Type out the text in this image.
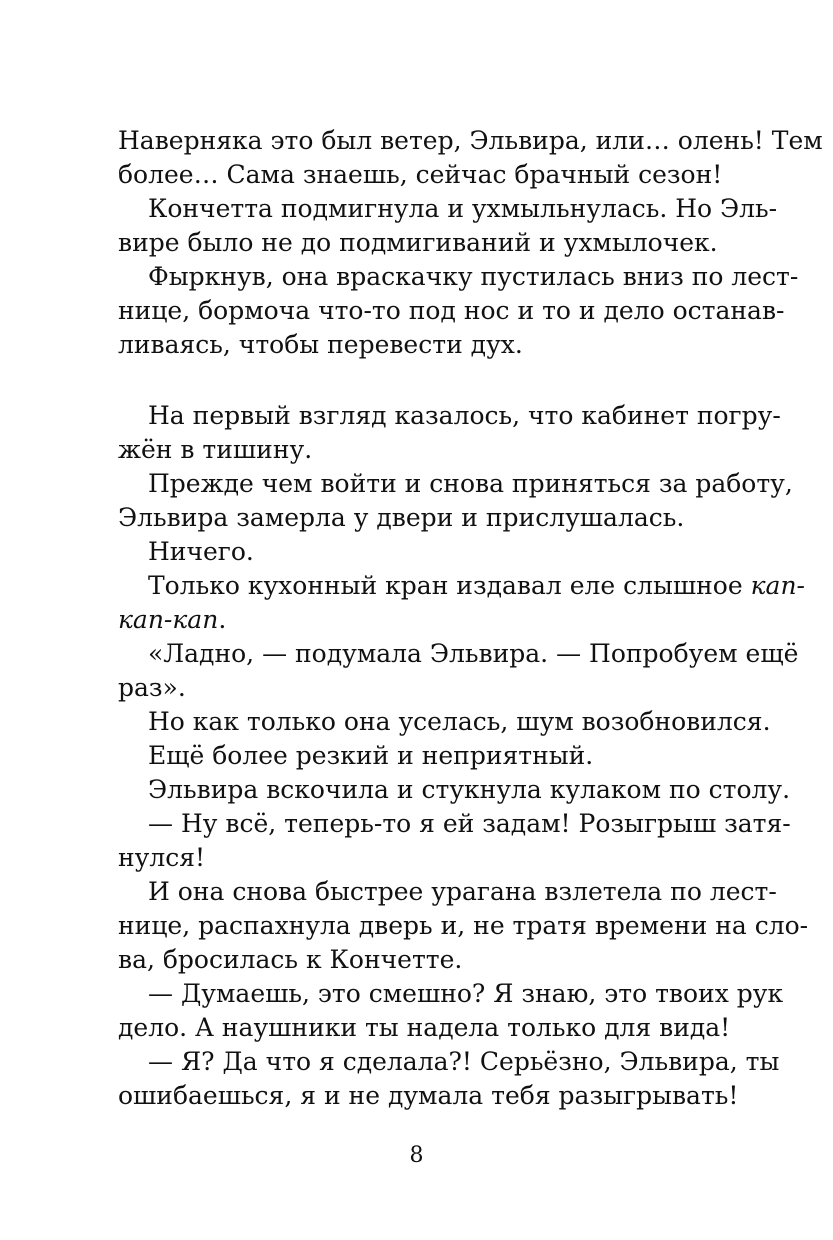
Наверняка это был ветер, Эльвира, или… олень! Тем
более… Сама знаешь, сейчас брачный сезон!
Кончетта подмигнула и ухмыльнулась. Но Эль-
вире было не до подмигиваний и ухмылочек.
Фыркнув, она враскачку пустилась вниз по лест-
нице, бормоча что-то под нос и то и дело останав-
ливаясь, чтобы перевести дух.
На первый взгляд казалось, что кабинет погру-
жён в тишину.
Прежде чем войти и снова приняться за работу,
Эльвира замерла у двери и прислушалась.
Ничего.
Только кухонный кран издавал еле слышное кап-
кап-кап.
«Ладно, — подумала Эльвира. — Попробуем ещё
раз».
Но как только она уселась, шум возобновился.
Ещё более резкий и неприятный.
Эльвира вскочила и стукнула кулаком по столу.
— Ну всё, теперь-то я ей задам! Розыгрыш затя-
нулся!
И она снова быстрее урагана взлетела по лест-
нице, распахнула дверь и, не тратя времени на сло-
ва, бросилась к Кончетте.
— Думаешь, это смешно? Я знаю, это твоих рук
дело. А наушники ты надела только для вида!
— Я? Да что я сделала?! Серьёзно, Эльвира, ты
ошибаешься, я и не думала тебя разыгрывать!
8
